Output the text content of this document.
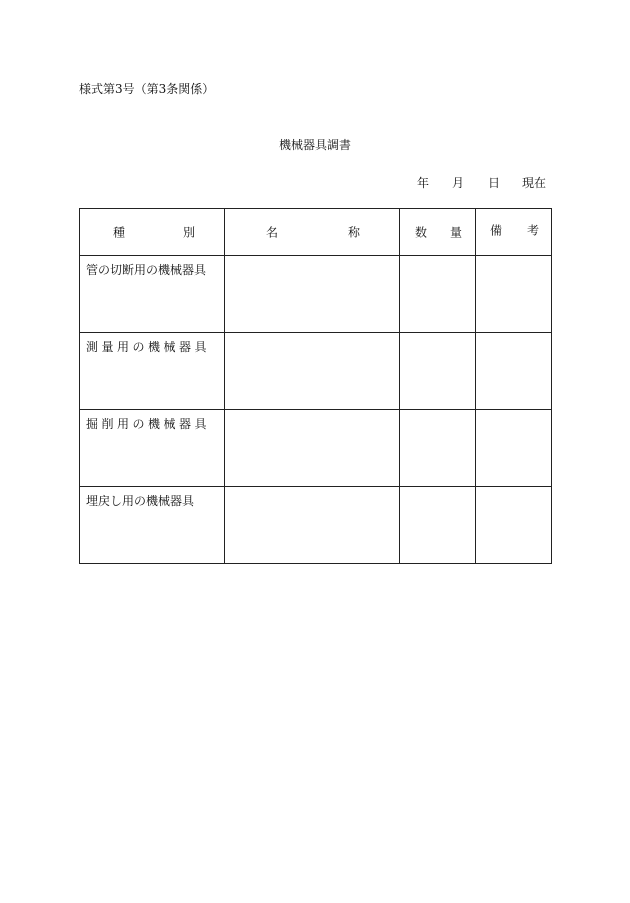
様式第3号（第3条関係）
機械器具調書
年 月 日 現在
種 別	名 称	数 量	備 考

管の切断用の機械器具			

測量用の機械器具			

掘削用の機械器具			

埋戻し用の機械器具			
